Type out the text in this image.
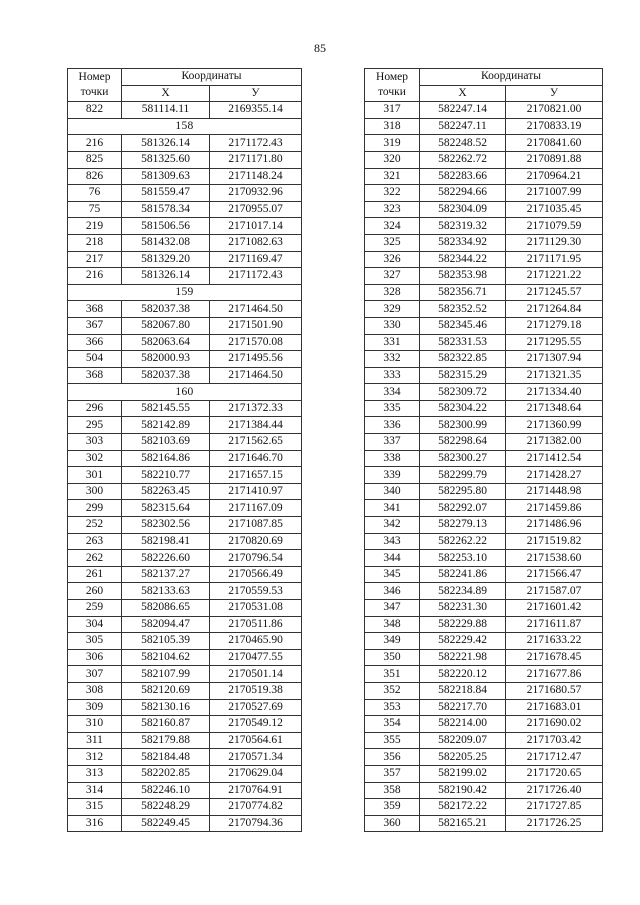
85
Номер
точки	Координаты	
	X	У
822	581114.11	2169355.14
158		
216	581326.14	2171172.43
825	581325.60	2171171.80
826	581309.63	2171148.24
76	581559.47	2170932.96
75	581578.34	2170955.07
219	581506.56	2171017.14
218	581432.08	2171082.63
217	581329.20	2171169.47
216	581326.14	2171172.43
159		
368	582037.38	2171464.50
367	582067.80	2171501.90
366	582063.64	2171570.08
504	582000.93	2171495.56
368	582037.38	2171464.50
160		
296	582145.55	2171372.33
295	582142.89	2171384.44
303	582103.69	2171562.65
302	582164.86	2171646.70
301	582210.77	2171657.15
300	582263.45	2171410.97
299	582315.64	2171167.09
252	582302.56	2171087.85
263	582198.41	2170820.69
262	582226.60	2170796.54
261	582137.27	2170566.49
260	582133.63	2170559.53
259	582086.65	2170531.08
304	582094.47	2170511.86
305	582105.39	2170465.90
306	582104.62	2170477.55
307	582107.99	2170501.14
308	582120.69	2170519.38
309	582130.16	2170527.69
310	582160.87	2170549.12
311	582179.88	2170564.61
312	582184.48	2170571.34
313	582202.85	2170629.04
314	582246.10	2170764.91
315	582248.29	2170774.82
316	582249.45	2170794.36
Номер
точки	Координаты	
	X	У
317	582247.14	2170821.00
318	582247.11	2170833.19
319	582248.52	2170841.60
320	582262.72	2170891.88
321	582283.66	2170964.21
322	582294.66	2171007.99
323	582304.09	2171035.45
324	582319.32	2171079.59
325	582334.92	2171129.30
326	582344.22	2171171.95
327	582353.98	2171221.22
328	582356.71	2171245.57
329	582352.52	2171264.84
330	582345.46	2171279.18
331	582331.53	2171295.55
332	582322.85	2171307.94
333	582315.29	2171321.35
334	582309.72	2171334.40
335	582304.22	2171348.64
336	582300.99	2171360.99
337	582298.64	2171382.00
338	582300.27	2171412.54
339	582299.79	2171428.27
340	582295.80	2171448.98
341	582292.07	2171459.86
342	582279.13	2171486.96
343	582262.22	2171519.82
344	582253.10	2171538.60
345	582241.86	2171566.47
346	582234.89	2171587.07
347	582231.30	2171601.42
348	582229.88	2171611.87
349	582229.42	2171633.22
350	582221.98	2171678.45
351	582220.12	2171677.86
352	582218.84	2171680.57
353	582217.70	2171683.01
354	582214.00	2171690.02
355	582209.07	2171703.42
356	582205.25	2171712.47
357	582199.02	2171720.65
358	582190.42	2171726.40
359	582172.22	2171727.85
360	582165.21	2171726.25
